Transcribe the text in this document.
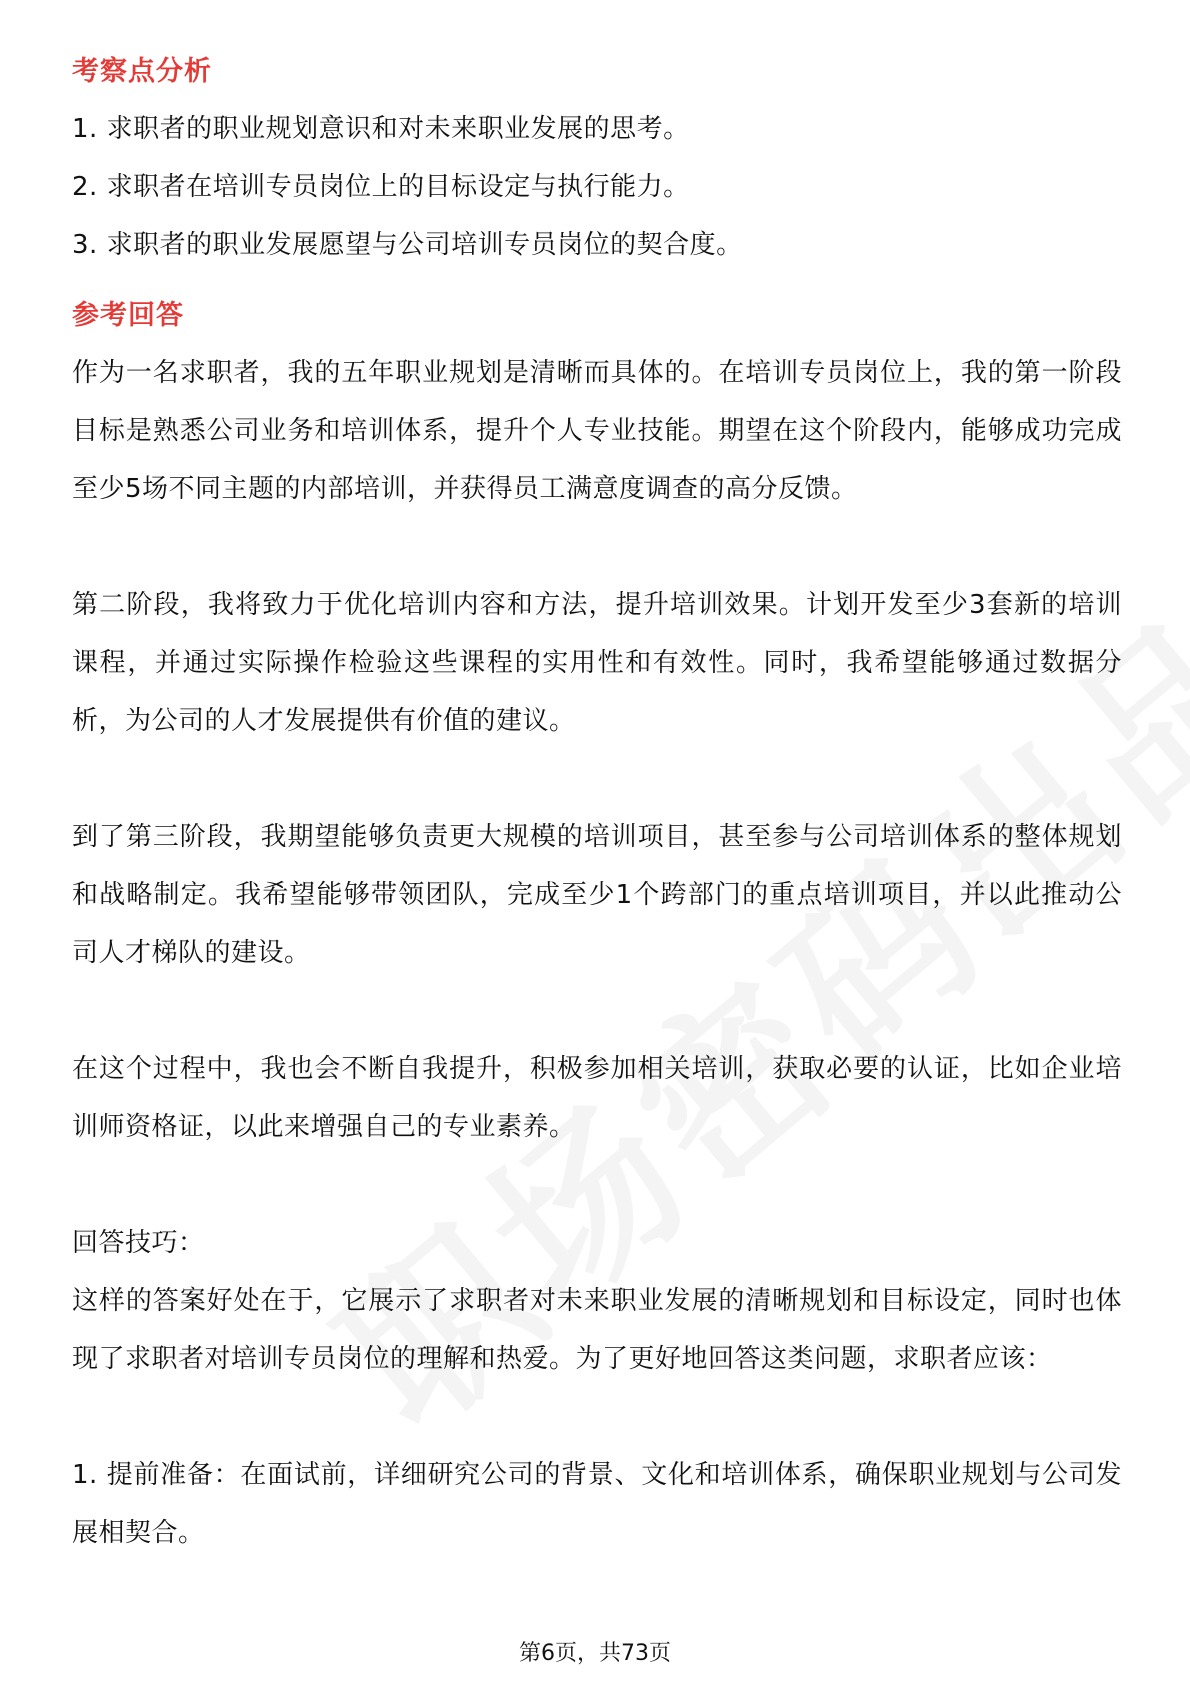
考察点分析

1. 求职者的职业规划意识和对未来职业发展的思考。

2. 求职者在培训专员岗位上的目标设定与执行能力。

3. 求职者的职业发展愿望与公司培训专员岗位的契合度。

参考回答

作为一名求职者，我的五年职业规划是清晰而具体的。在培训专员岗位上，我的第一阶段目标是熟悉公司业务和培训体系，提升个人专业技能。期望在这个阶段内，能够成功完成至少5场不同主题的内部培训，并获得员工满意度调查的高分反馈。

第二阶段，我将致力于优化培训内容和方法，提升培训效果。计划开发至少3套新的培训课程，并通过实际操作检验这些课程的实用性和有效性。同时，我希望能够通过数据分析，为公司的人才发展提供有价值的建议。

到了第三阶段，我期望能够负责更大规模的培训项目，甚至参与公司培训体系的整体规划和战略制定。我希望能够带领团队，完成至少1个跨部门的重点培训项目，并以此推动公司人才梯队的建设。

在这个过程中，我也会不断自我提升，积极参加相关培训，获取必要的认证，比如企业培训师资格证，以此来增强自己的专业素养。

回答技巧：

这样的答案好处在于，它展示了求职者对未来职业发展的清晰规划和目标设定，同时也体现了求职者对培训专员岗位的理解和热爱。为了更好地回答这类问题，求职者应该：

1. 提前准备：在面试前，详细研究公司的背景、文化和培训体系，确保职业规划与公司发展相契合。

第6页，共73页
